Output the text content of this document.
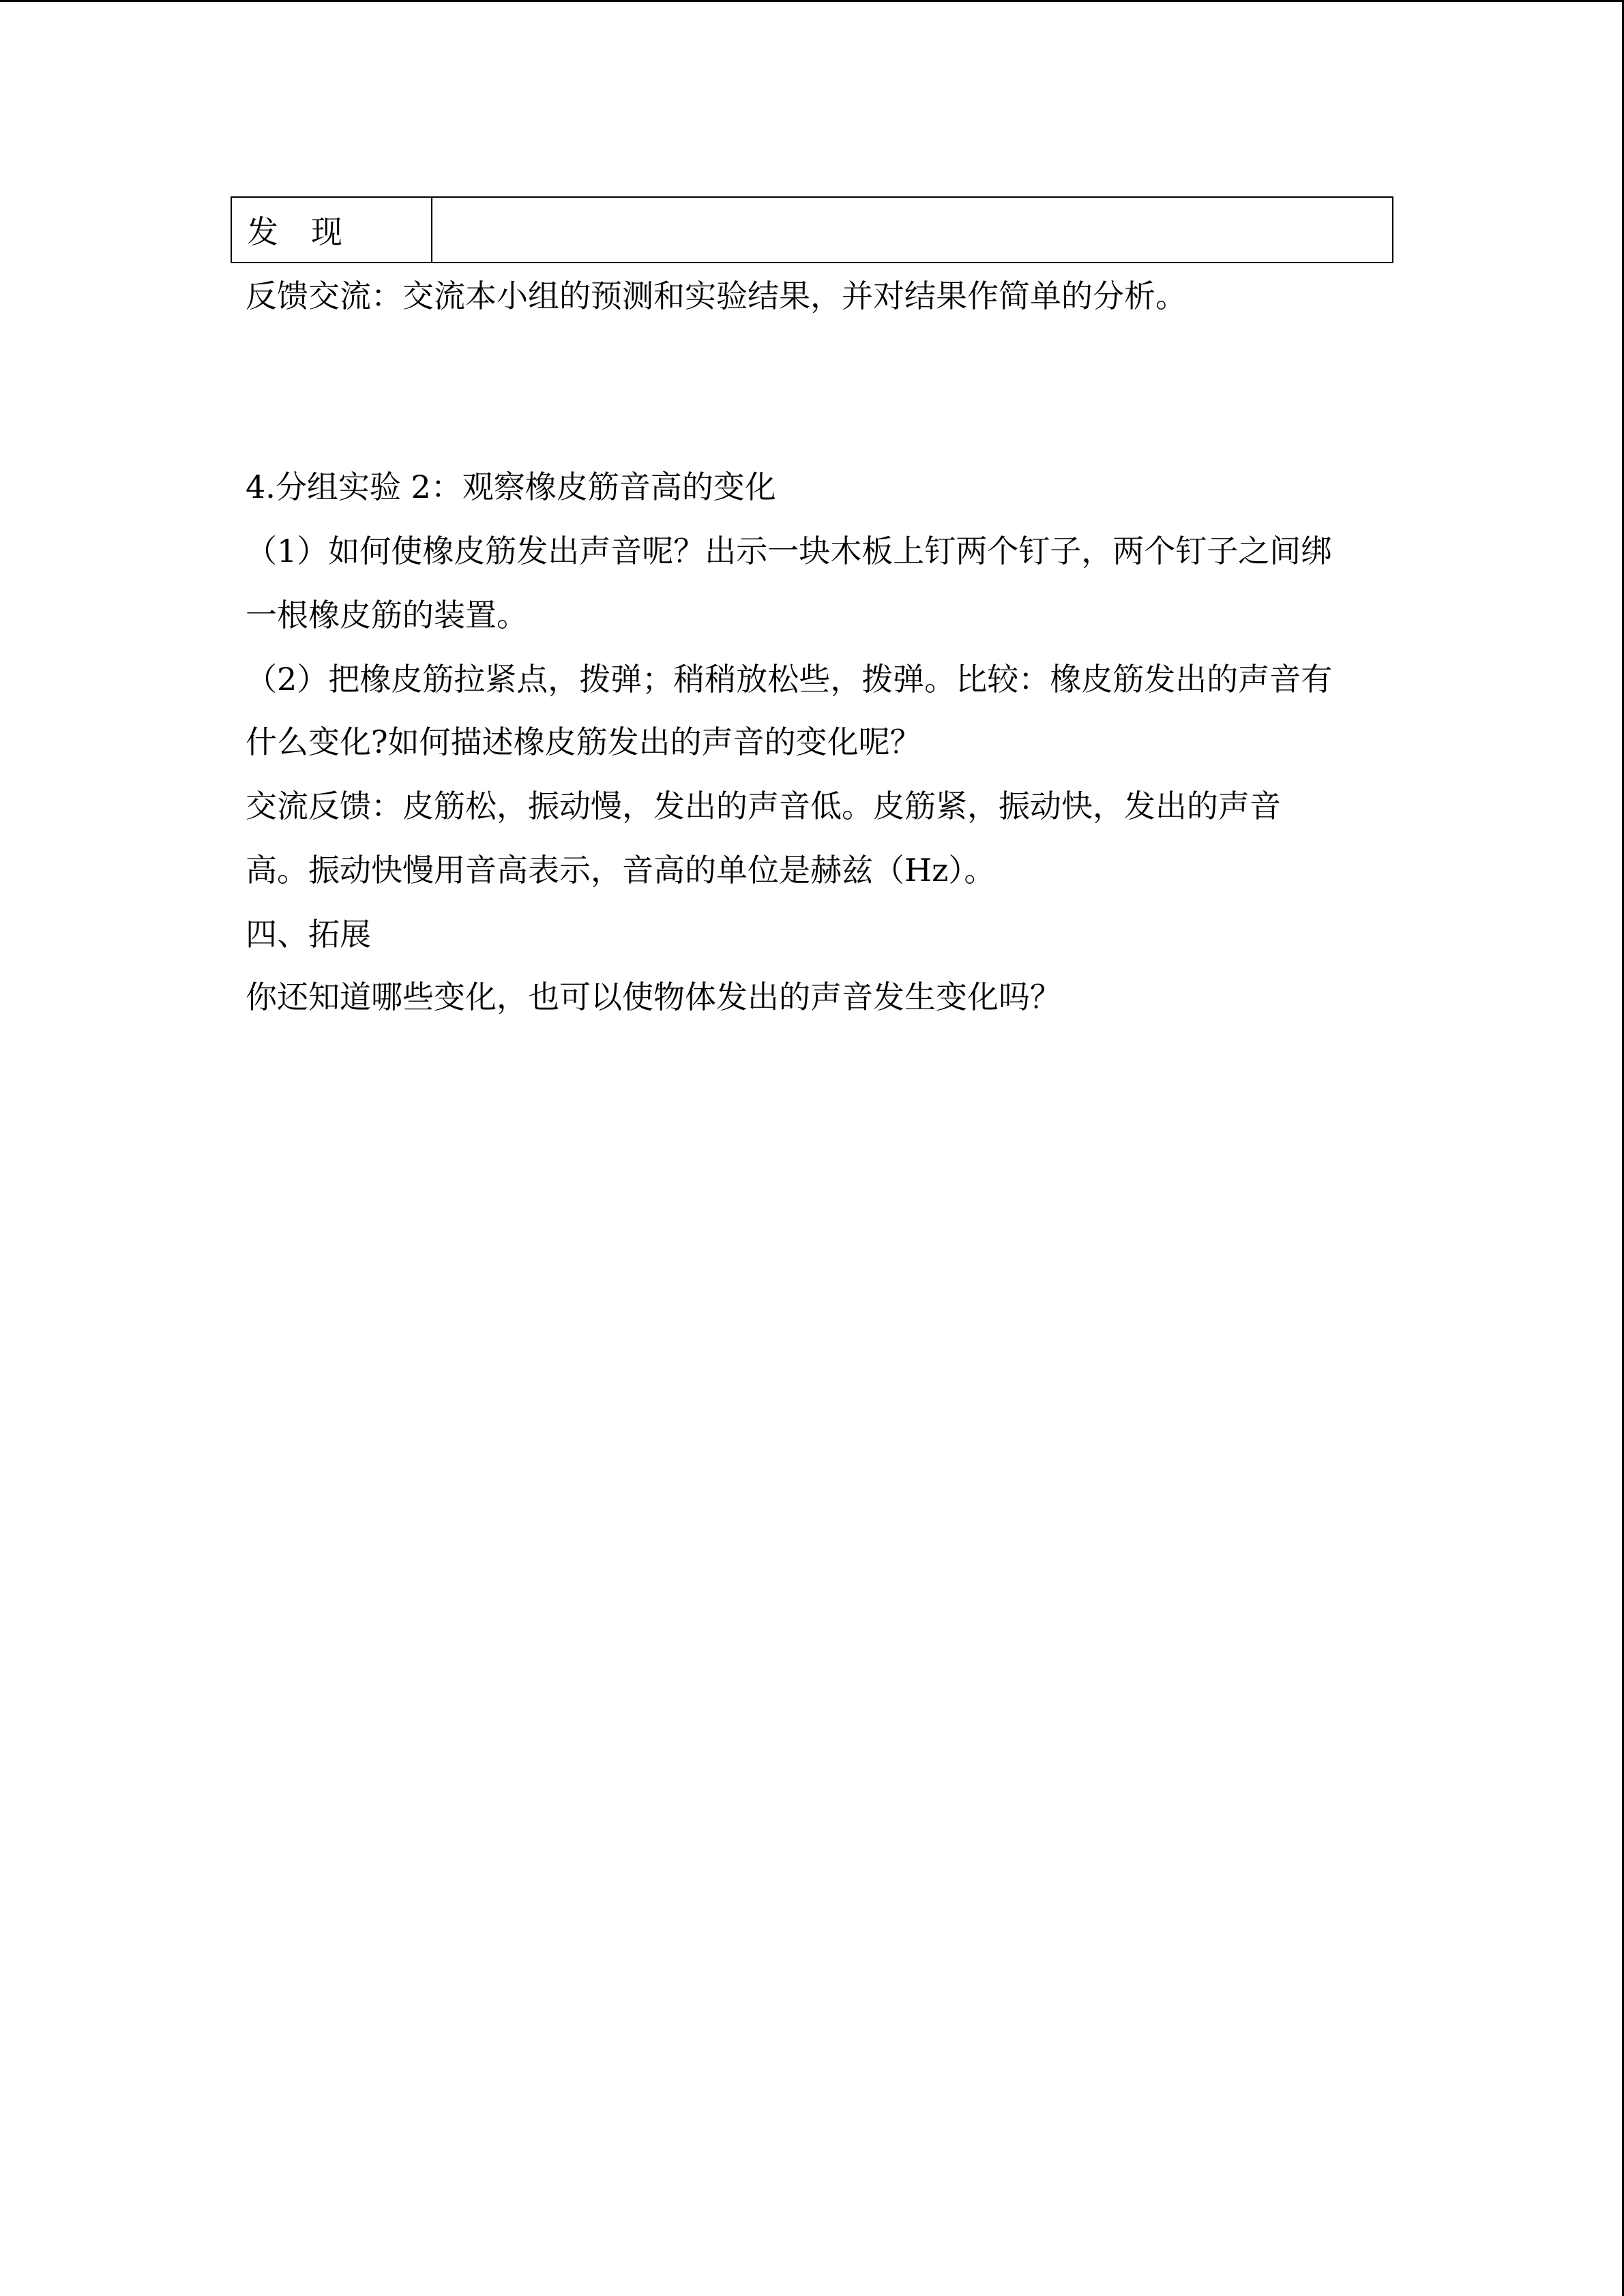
发现	
反馈交流：交流本小组的预测和实验结果，并对结果作简单的分析。
4.分组实验 2：观察橡皮筋音高的变化
（1）如何使橡皮筋发出声音呢？出示一块木板上钉两个钉子，两个钉子之间绑
一根橡皮筋的装置。
（2）把橡皮筋拉紧点，拨弹；稍稍放松些，拨弹。比较：橡皮筋发出的声音有
什么变化?如何描述橡皮筋发出的声音的变化呢？
交流反馈：皮筋松，振动慢，发出的声音低。皮筋紧，振动快，发出的声音
高。振动快慢用音高表示，音高的单位是赫兹（Hz）。
四、拓展
你还知道哪些变化，也可以使物体发出的声音发生变化吗？
